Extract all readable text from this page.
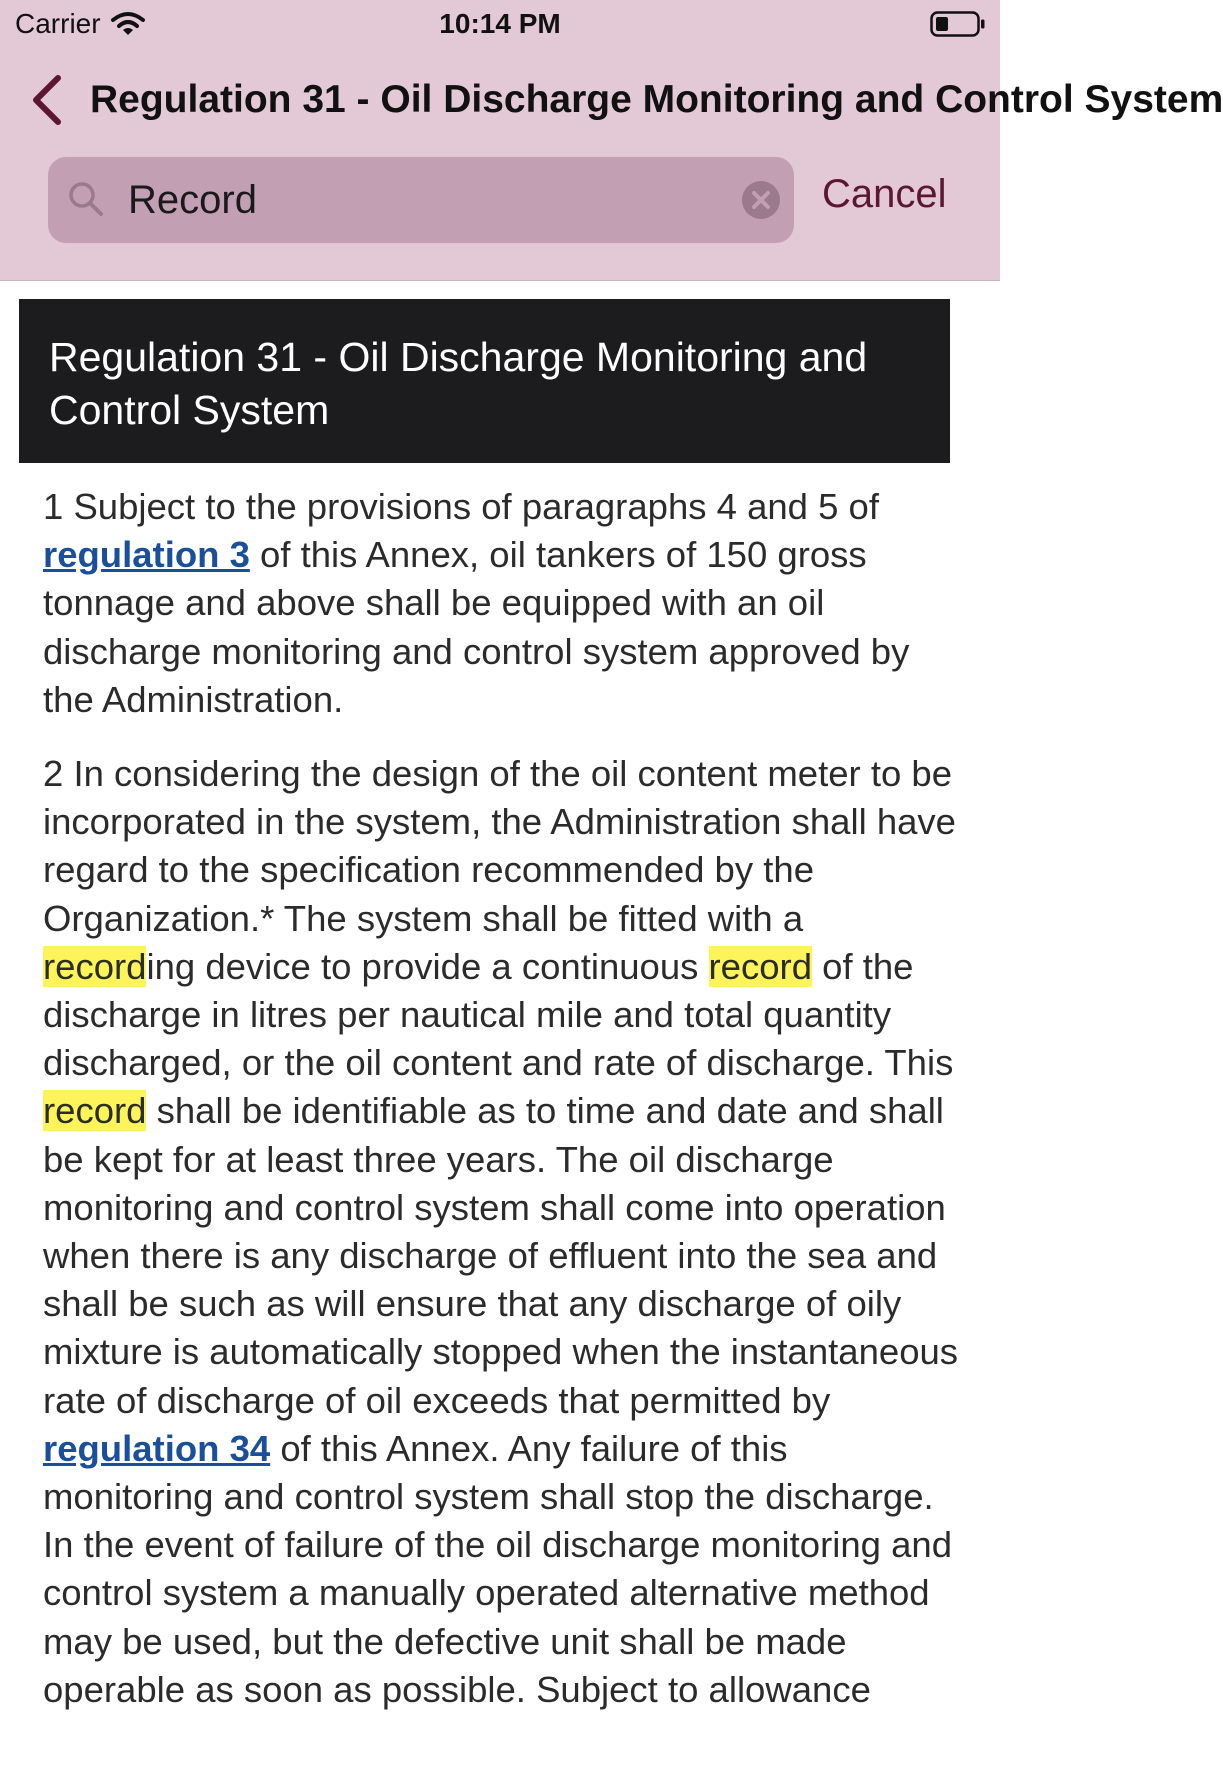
Carrier	10:14 PM
Regulation 31 - Oil Discharge Monitoring and Control System
Record
Cancel
Regulation 31 - Oil Discharge Monitoring and Control System

1 Subject to the provisions of paragraphs 4 and 5 of regulation 3 of this Annex, oil tankers of 150 gross tonnage and above shall be equipped with an oil discharge monitoring and control system approved by the Administration.

2 In considering the design of the oil content meter to be incorporated in the system, the Administration shall have regard to the specification recommended by the Organization.* The system shall be fitted with a recording device to provide a continuous record of the discharge in litres per nautical mile and total quantity discharged, or the oil content and rate of discharge. This record shall be identifiable as to time and date and shall be kept for at least three years. The oil discharge monitoring and control system shall come into operation when there is any discharge of effluent into the sea and shall be such as will ensure that any discharge of oily mixture is automatically stopped when the instantaneous rate of discharge of oil exceeds that permitted by regulation 34 of this Annex. Any failure of this monitoring and control system shall stop the discharge. In the event of failure of the oil discharge monitoring and control system a manually operated alternative method may be used, but the defective unit shall be made operable as soon as possible. Subject to allowance
